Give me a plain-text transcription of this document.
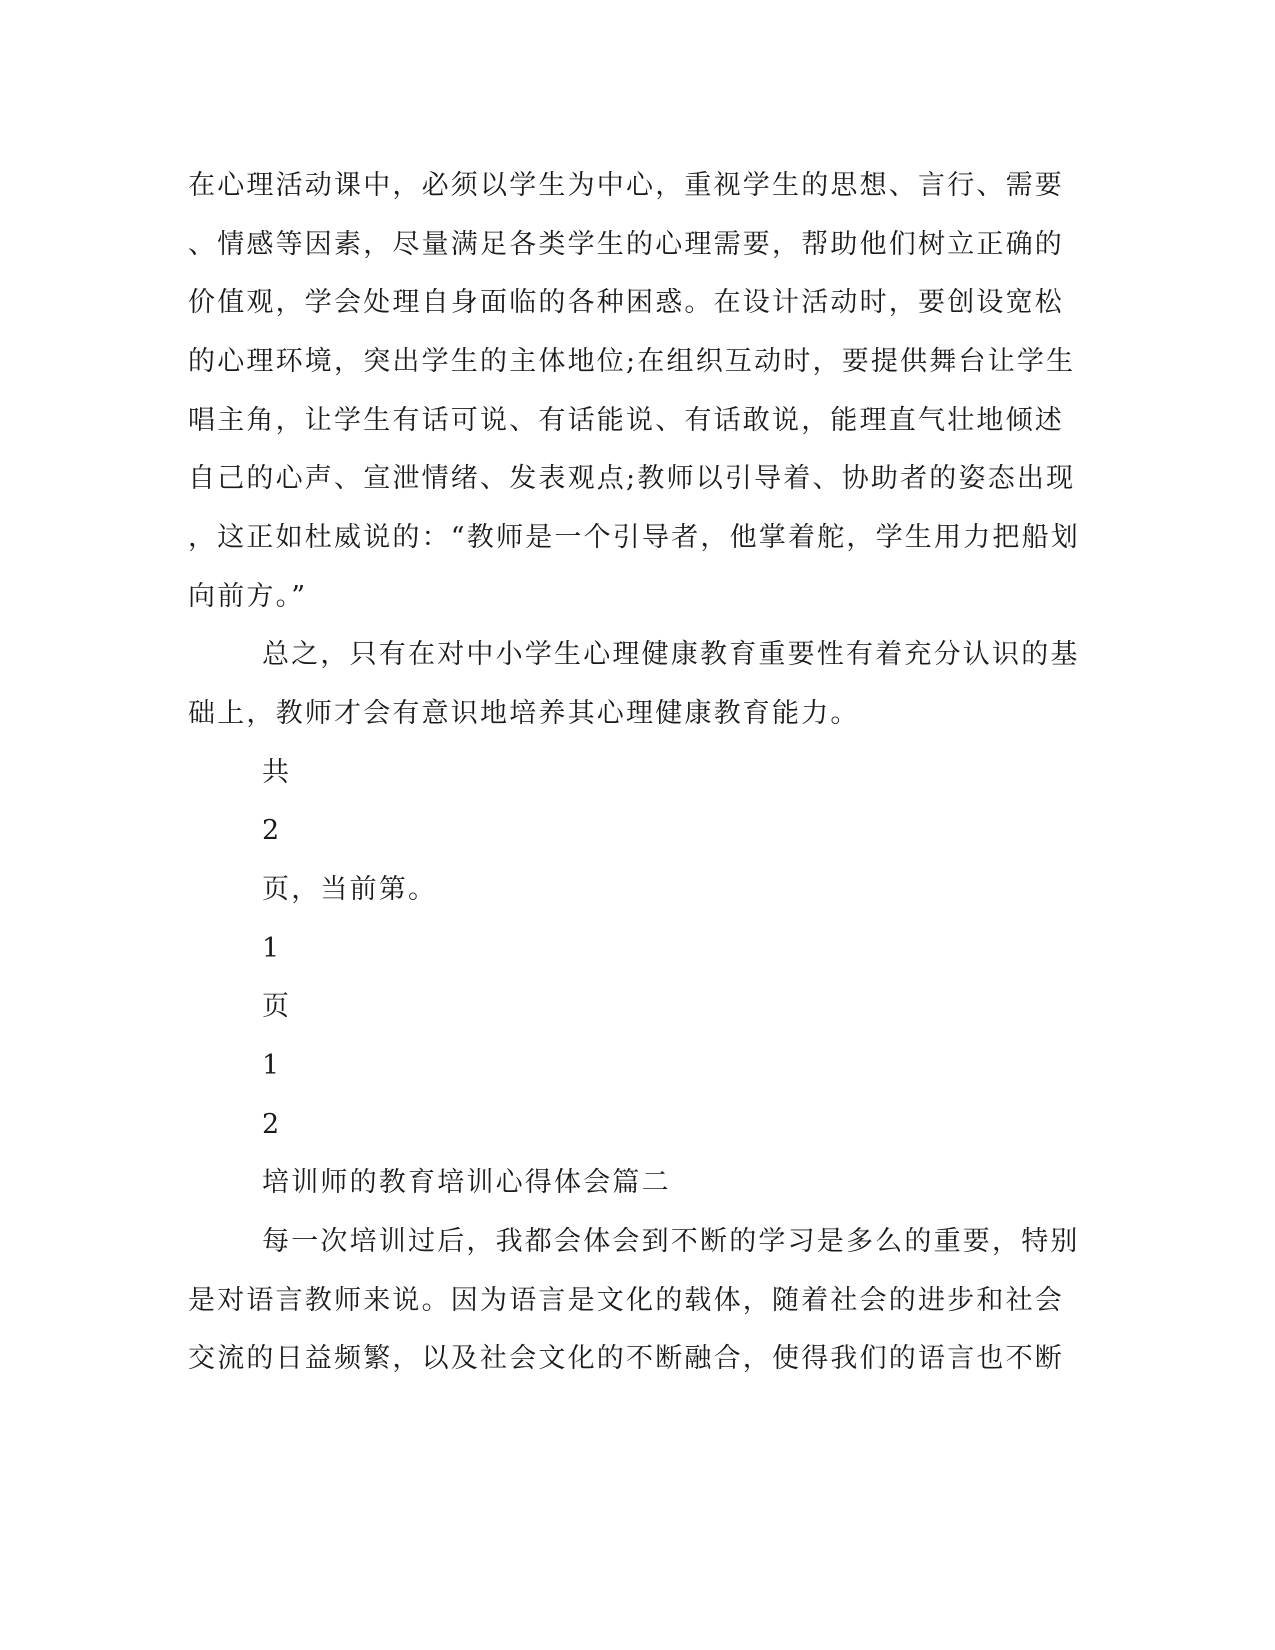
在心理活动课中，必须以学生为中心，重视学生的思想、言行、需要
、情感等因素，尽量满足各类学生的心理需要，帮助他们树立正确的
价值观，学会处理自身面临的各种困惑。在设计活动时，要创设宽松
的心理环境，突出学生的主体地位;在组织互动时，要提供舞台让学生
唱主角，让学生有话可说、有话能说、有话敢说，能理直气壮地倾述
自己的心声、宣泄情绪、发表观点;教师以引导着、协助者的姿态出现
，这正如杜威说的：“教师是一个引导者，他掌着舵，学生用力把船划
向前方。”
总之，只有在对中小学生心理健康教育重要性有着充分认识的基
础上，教师才会有意识地培养其心理健康教育能力。
共
2
页，当前第。
1
页
1
2
培训师的教育培训心得体会篇二
每一次培训过后，我都会体会到不断的学习是多么的重要，特别
是对语言教师来说。因为语言是文化的载体，随着社会的进步和社会
交流的日益频繁，以及社会文化的不断融合，使得我们的语言也不断
